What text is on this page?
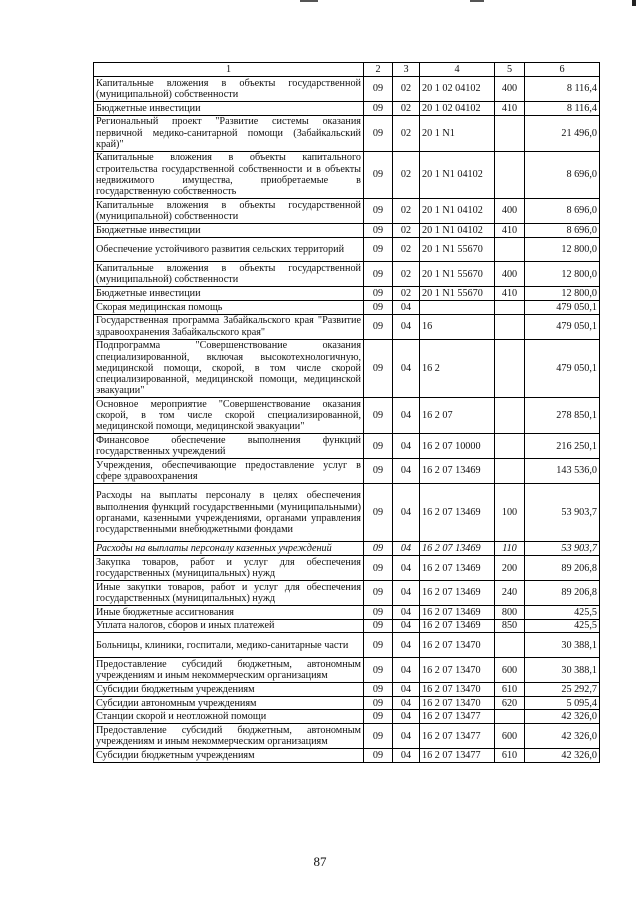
1	2	3	4	5	6
Капитальные вложения в объекты государственной (муниципальной) собственности	09	02	20 1 02 04102	400	8 116,4
Бюджетные инвестиции	09	02	20 1 02 04102	410	8 116,4
Региональный проект "Развитие системы оказания первичной медико-санитарной помощи (Забайкальский край)"	09	02	20 1 N1		21 496,0
Капитальные вложения в объекты капитального строительства государственной собственности и в объекты недвижимого имущества, приобретаемые в государственную собственность	09	02	20 1 N1 04102		8 696,0
Капитальные вложения в объекты государственной (муниципальной) собственности	09	02	20 1 N1 04102	400	8 696,0
Бюджетные инвестиции	09	02	20 1 N1 04102	410	8 696,0
Обеспечение устойчивого развития сельских территорий	09	02	20 1 N1 55670		12 800,0
Капитальные вложения в объекты государственной (муниципальной) собственности	09	02	20 1 N1 55670	400	12 800,0
Бюджетные инвестиции	09	02	20 1 N1 55670	410	12 800,0
Скорая медицинская помощь	09	04			479 050,1
Государственная программа Забайкальского края "Развитие здравоохранения Забайкальского края"	09	04	16		479 050,1
Подпрограмма "Совершенствование оказания специализированной, включая высокотехнологичную, медицинской помощи, скорой, в том числе скорой специализированной, медицинской помощи, медицинской эвакуации"	09	04	16 2		479 050,1
Основное мероприятие "Совершенствование оказания скорой, в том числе скорой специализированной, медицинской помощи, медицинской эвакуации"	09	04	16 2 07		278 850,1
Финансовое обеспечение выполнения функций государственных учреждений	09	04	16 2 07 10000		216 250,1
Учреждения, обеспечивающие предоставление услуг в сфере здравоохранения	09	04	16 2 07 13469		143 536,0
Расходы на выплаты персоналу в целях обеспечения выполнения функций государственными (муниципальными) органами, казенными учреждениями, органами управления государственными внебюджетными фондами	09	04	16 2 07 13469	100	53 903,7
Расходы на выплаты персоналу казенных учреждений	09	04	16 2 07 13469	110	53 903,7
Закупка товаров, работ и услуг для обеспечения государственных (муниципальных) нужд	09	04	16 2 07 13469	200	89 206,8
Иные закупки товаров, работ и услуг для обеспечения государственных (муниципальных) нужд	09	04	16 2 07 13469	240	89 206,8
Иные бюджетные ассигнования	09	04	16 2 07 13469	800	425,5
Уплата налогов, сборов и иных платежей	09	04	16 2 07 13469	850	425,5
Больницы, клиники, госпитали, медико-санитарные части	09	04	16 2 07 13470		30 388,1
Предоставление субсидий бюджетным, автономным учреждениям и иным некоммерческим организациям	09	04	16 2 07 13470	600	30 388,1
Субсидии бюджетным учреждениям	09	04	16 2 07 13470	610	25 292,7
Субсидии автономным учреждениям	09	04	16 2 07 13470	620	5 095,4
Станции скорой и неотложной помощи	09	04	16 2 07 13477		42 326,0
Предоставление субсидий бюджетным, автономным учреждениям и иным некоммерческим организациям	09	04	16 2 07 13477	600	42 326,0
Субсидии бюджетным учреждениям	09	04	16 2 07 13477	610	42 326,0
87
